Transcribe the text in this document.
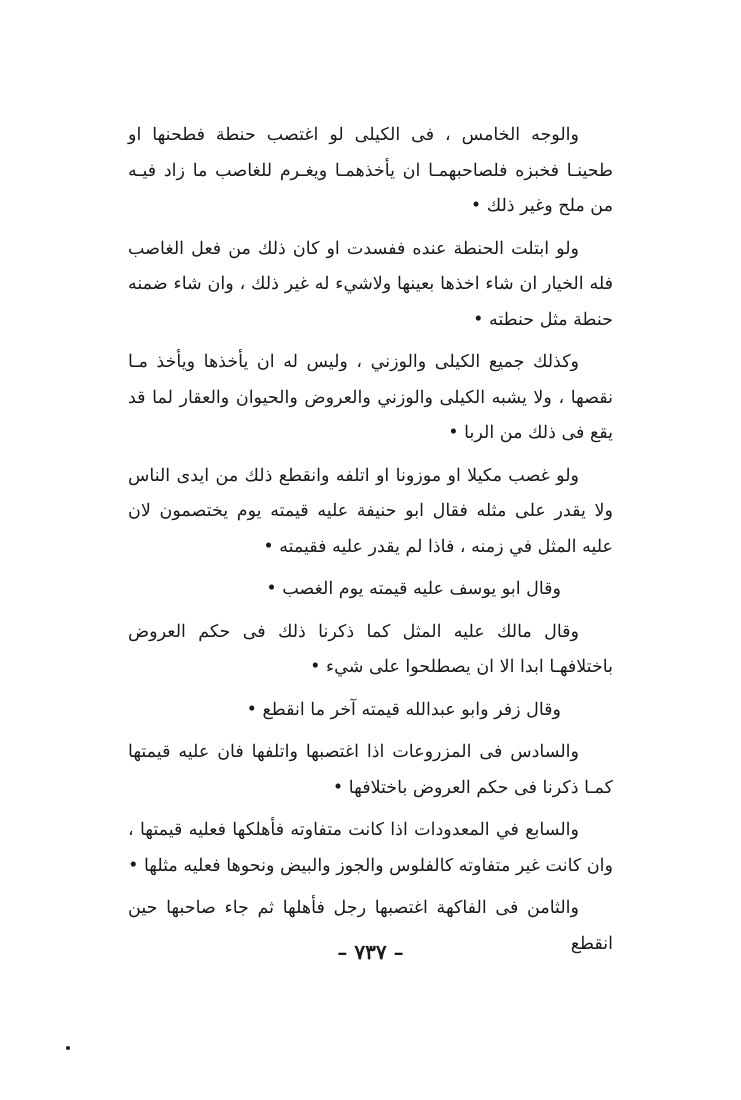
والوجه الخامس ، فى الكيلى لو اغتصب حنطة فطحنها او طحينـا فخبزه فلصاحبهمـا ان يأخذهمـا ويغـرم للغاصب ما زاد فيـه من ملح وغير ذلك •

ولو ابتلت الحنطة عنده ففسدت او كان ذلك من فعل الغاصب فله الخيار ان شاء اخذها بعينها ولاشيء له غير ذلك ، وان شاء ضمنه حنطة مثل حنطته •

وكذلك جميع الكيلى والوزني ، وليس له ان يأخذها ويأخذ مـا نقصها ، ولا يشبه الكيلى والوزني والعروض والحيوان والعقار لما قد يقع فى ذلك من الربا •

ولو غصب مكيلا او موزونا او اتلفه وانقطع ذلك من ايدى الناس ولا يقدر على مثله فقال ابو حنيفة عليه قيمته يوم يختصمون لان عليه المثل في زمنه ، فاذا لم يقدر عليه فقيمته •

وقال ابو يوسف عليه قيمته يوم الغصب •

وقال مالك عليه المثل كما ذكرنا ذلك فى حكم العروض باختلافهـا ابدا الا ان يصطلحوا على شيء •

وقال زفر وابو عبدالله قيمته آخر ما انقطع •

والسادس فى المزروعات اذا اغتصبها واتلفها فان عليه قيمتها كمـا ذكرنا فى حكم العروض باختلافها •

والسابع في المعدودات اذا كانت متفاوته فأهلكها فعليه قيمتها ، وان كانت غير متفاوته كالفلوس والجوز والبيض ونحوها فعليه مثلها •

والثامن فى الفاكهة اغتصبها رجل فأهلها ثم جاء صاحبها حين انقطع

– ٧٣٧ –
